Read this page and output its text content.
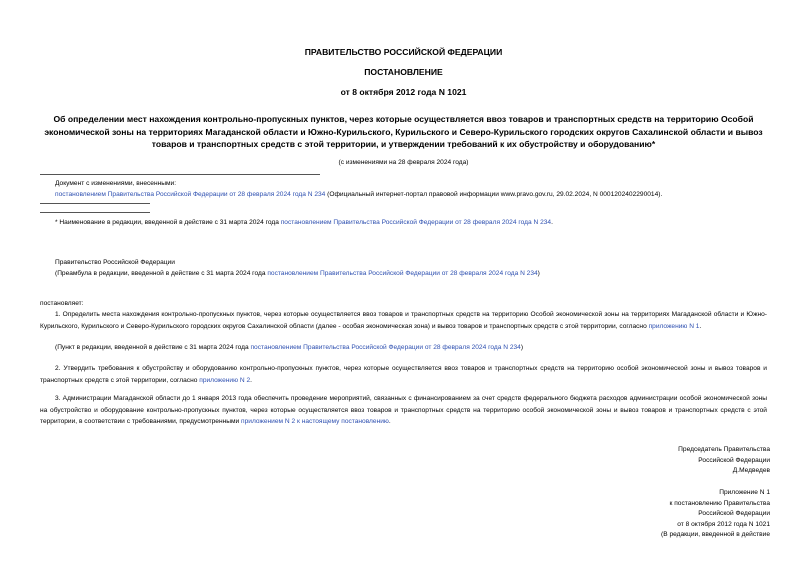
ПРАВИТЕЛЬСТВО РОССИЙСКОЙ ФЕДЕРАЦИИ
ПОСТАНОВЛЕНИЕ
от 8 октября 2012 года N 1021
Об определении мест нахождения контрольно-пропускных пунктов, через которые осуществляется ввоз товаров и транспортных средств на территорию Особой экономической зоны на территориях Магаданской области и Южно-Курильского, Курильского и Северо-Курильского городских округов Сахалинской области и вывоз товаров и транспортных средств с этой территории, и утверждении требований к их обустройству и оборудованию*
(с изменениями на 28 февраля 2024 года)
Документ с изменениями, внесенными:
постановлением Правительства Российской Федерации от 28 февраля 2024 года N 234 (Официальный интернет-портал правовой информации www.pravo.gov.ru, 29.02.2024, N 0001202402290014).
* Наименование в редакции, введенной в действие с 31 марта 2024 года постановлением Правительства Российской Федерации от 28 февраля 2024 года N 234.
Правительство Российской Федерации
(Преамбула в редакции, введенной в действие с 31 марта 2024 года постановлением Правительства Российской Федерации от 28 февраля 2024 года N 234)
постановляет:
1. Определить места нахождения контрольно-пропускных пунктов, через которые осуществляется ввоз товаров и транспортных средств на территорию Особой экономической зоны на территориях Магаданской области и Южно-Курильского, Курильского и Северо-Курильского городских округов Сахалинской области (далее - особая экономическая зона) и вывоз товаров и транспортных средств с этой территории, согласно приложению N 1.
(Пункт в редакции, введенной в действие с 31 марта 2024 года постановлением Правительства Российской Федерации от 28 февраля 2024 года N 234)
2. Утвердить требования к обустройству и оборудованию контрольно-пропускных пунктов, через которые осуществляется ввоз товаров и транспортных средств на территорию особой экономической зоны и вывоз товаров и транспортных средств с этой территории, согласно приложению N 2.
3. Администрации Магаданской области до 1 января 2013 года обеспечить проведение мероприятий, связанных с финансированием за счет средств федерального бюджета расходов администрации особой экономической зоны на обустройство и оборудование контрольно-пропускных пунктов, через которые осуществляется ввоз товаров и транспортных средств на территорию особой экономической зоны и вывоз товаров и транспортных средств с этой территории, в соответствии с требованиями, предусмотренными приложением N 2 к настоящему постановлению.
Председатель Правительства
Российской Федерации
Д.Медведев
Приложение N 1
к постановлению Правительства
Российской Федерации
от 8 октября 2012 года N 1021
(В редакции, введенной в действие
